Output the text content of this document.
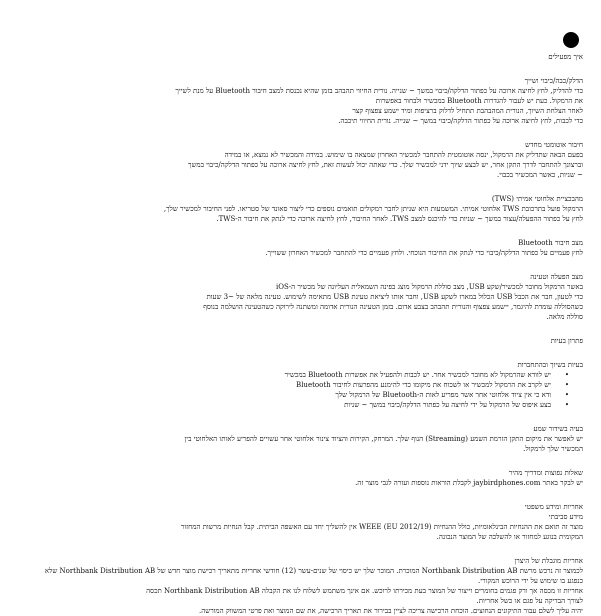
איך מפעילים

הדלק/כבה/כיבוי ושייך

כדי להדליק, לחץ לחיצה ארוכה על כפתור הדלקה/כיבוי במשך ~ שנייה. נורית החיווי תהבהב בזמן שהיא נכנסת למצב חיבור Bluetooth על מנת לשייך

את הרמקול. כעת יש לעבור להגדרות Bluetooth במכשיר ולבחור באפשרות

לאחר הצלחת השיוך, הנורית המהבהבת תתחיל לדלוק ברציפות ומיד ישמע צפצוף קצר

כדי לכבות, לחץ לחיצה ארוכה על כפתור הדלקה/כיבוי במשך ~ שנייה. נורית החיווי תיכבה.

חיבור אוטומטי מחדש

בפעם הבאה שתדליק את הרמקול, ינסה אוטומטית להתחבר למכשיר האחרון שמצאה בו שימוש. במידה והמכשיר לא נמצא, או במידה

וברצונך להתחבר לדרך התקן אחר, יש לבצע שיוך ידני למכשיר שלך. כדי שאתה יכול לעשות זאת, לחץ לחיצה ארוכה על כפתור הדלקה/כיבוי במשך

~ שניות, כאשר המכשיר בכבוי.

מהבכציית אלחוטי אמיתי (TWS)

הרמקול פועל בתרכובת TWS אלחוטי אמיתי. המשמעות היא שניתן לחבר רמקולים תואמים נוספים כדי ליצור סאונד של סטריאו. לפני החיבור למכשיר שלך,

לחץ על כפתור ההפעלה/עצור במשך ~ שניות כדי להיכנס למצב TWS. לאחר החיבור, לחץ לחיצה ארוכה כדי לנתק את חיבור ה-TWS.

מצב חיבור Bluetooth

לחץ פעמיים על כפתור הדלקה/כיבוי כדי לנתק את החיבור הנוכחי. ולחץ פעמיים כדי להתחבר למכשיר האחרון ששוייך.

מצב הפעלה וטעינה

באשר הרמקול מחובר למכשיר/שקע USB, מצב סוללת הרמקול מוצג בפינה השמאלית העליונה של מכשיר ה-iOS

כדי לטעון, חבר את הכבל USB הכלול במארז לשקע USB, וחבר אותו ליציאת טעינת USB מתאימה לשימוש. טעינה מלאה של ~3 שעות

כשהסוללה עומדת להיגמר, יישמע צפצוף והנורית תהבהב בצבע אדום. בזמן הטעינה הנורית אדומה ומשתנה לירוקה כשהטעינה הושלמה בנוסף

סוללה מלאה.

פתרון בעיות

בעיות בשיוך ובהתחברות

• יש לוודא שהרמקול לא מחובר למכשיר אחר. יש לכבות ולהפעיל את אפשרות Bluetooth במכשיר
• יש לקרב את הרמקול למכשיר או לשכוח את מיקומו כדי להימנע מהפרעות לחיבור Bluetooth
• ודא כי אין ציוד אלחוטי אחר אשר מפריע לאות ה-Bluetooth של הרמקול שלך
• בצע איפוס של הרמקול על ידי לחיצה על כפתור הדלקה/כיבוי במשך ~ שניות

בעיה בשידור שמע

יש לאפשר את מיקום התקן הזרמת השמע (Streaming) הנוף שלך. המרחק, הקירות והציוד צינור אלחוטי אחר עשויים להפריע לאותו האלחוטי בין

המכשיר שלך לרמקול.

שאלות נפוצות ומדריך מהיר

יש לבקר באתר jaybirdphones.com לקבלת הוראות נוספות ועזרה לגבי מוצר זה.

אחריות ומידע משפטי

מידע סביבתי

מוצר זה תואם את ההנחיות הבינלאומיות, כולל ההנחיות WEEE (EU 2012/19) אין להשליך יחד עם האשפה הביתית. קבל הנחיות מרשות המחזור

המקומית בנוגע למחזור או להשלכה של המוצר הנכונה.

אחריות מוגבלת של היצרן

לכמוצר זה נרכש מרשת Northbank Distribution AB המוכרת. המוכר שלך יש כיסוי של שנים-עשר (12) חודשי אחריות מתאריך רכישת מוצר חדש של Northbank Distribution AB שלא

כנפגע בו שימוש על ידי הרוכש המקורי.

אחריות זו מכסה אך ורק פגמים בחומרים וייצור של המוצר בעת מכירתו לרוכש. אם אינך משתמש לשלוח לנו את הקבלה Northbank Distribution AB תכסה

לצורך הבדיקה על פגם או כשל אחריות.

יהיה עליך לשלם עבור התיקונים הנחוצים. הוכחת הרכישה צריכה לציין בבירור את תאריך הרכישה, את שם המוצר ואת פרטי המשווק המורשה.
